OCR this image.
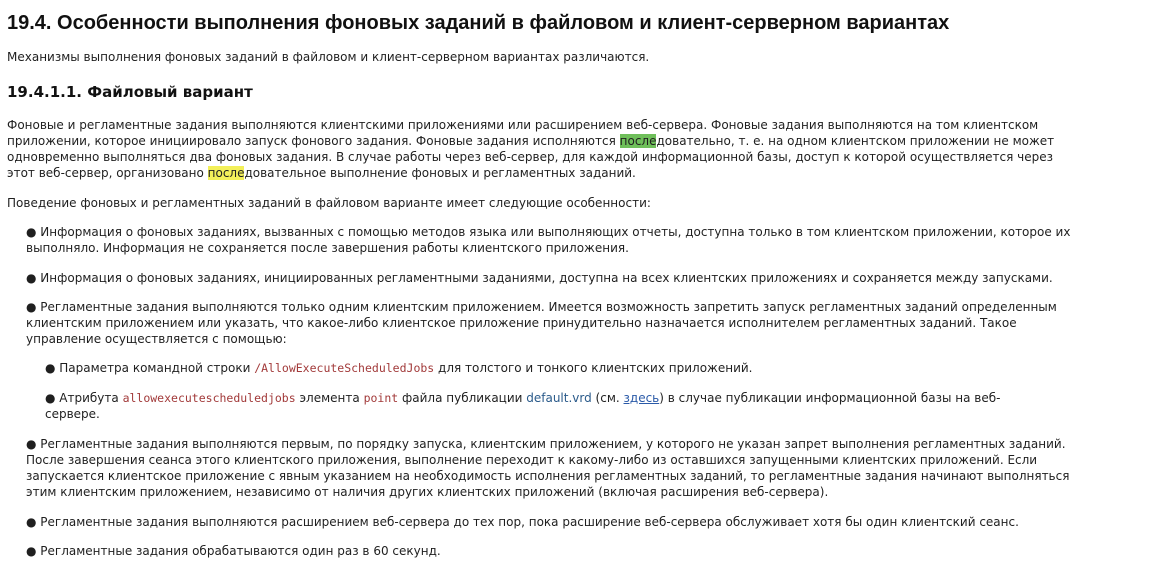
19.4. Особенности выполнения фоновых заданий в файловом и клиент-серверном вариантах

Механизмы выполнения фоновых заданий в файловом и клиент-серверном вариантах различаются.

19.4.1.1. Файловый вариант
Фоновые и регламентные задания выполняются клиентскими приложениями или расширением веб-сервера. Фоновые задания выполняются на том клиентском
приложении, которое инициировало запуск фонового задания. Фоновые задания исполняются последовательно, т. е. на одном клиентском приложении не может
одновременно выполняться два фоновых задания. В случае работы через веб-сервер, для каждой информационной базы, доступ к которой осуществляется через
этот веб-сервер, организовано последовательное выполнение фоновых и регламентных заданий.

Поведение фоновых и регламентных заданий в файловом варианте имеет следующие особенности:

● Информация о фоновых заданиях, вызванных с помощью методов языка или выполняющих отчеты, доступна только в том клиентском приложении, которое их
выполняло. Информация не сохраняется после завершения работы клиентского приложения.
● Информация о фоновых заданиях, инициированных регламентными заданиями, доступна на всех клиентских приложениях и сохраняется между запусками.
● Регламентные задания выполняются только одним клиентским приложением. Имеется возможность запретить запуск регламентных заданий определенным
клиентским приложением или указать, что какое-либо клиентское приложение принудительно назначается исполнителем регламентных заданий. Такое
управление осуществляется с помощью:
● Параметра командной строки /AllowExecuteScheduledJobs для толстого и тонкого клиентских приложений.
● Атрибута allowexecutescheduledjobs элемента point файла публикации default.vrd (см. здесь) в случае публикации информационной базы на веб-
сервере.
● Регламентные задания выполняются первым, по порядку запуска, клиентским приложением, у которого не указан запрет выполнения регламентных заданий.
После завершения сеанса этого клиентского приложения, выполнение переходит к какому-либо из оставшихся запущенными клиентских приложений. Если
запускается клиентское приложение с явным указанием на необходимость исполнения регламентных заданий, то регламентные задания начинают выполняться
этим клиентским приложением, независимо от наличия других клиентских приложений (включая расширения веб-сервера).
● Регламентные задания выполняются расширением веб-сервера до тех пор, пока расширение веб-сервера обслуживает хотя бы один клиентский сеанс.
● Регламентные задания обрабатываются один раз в 60 секунд.
